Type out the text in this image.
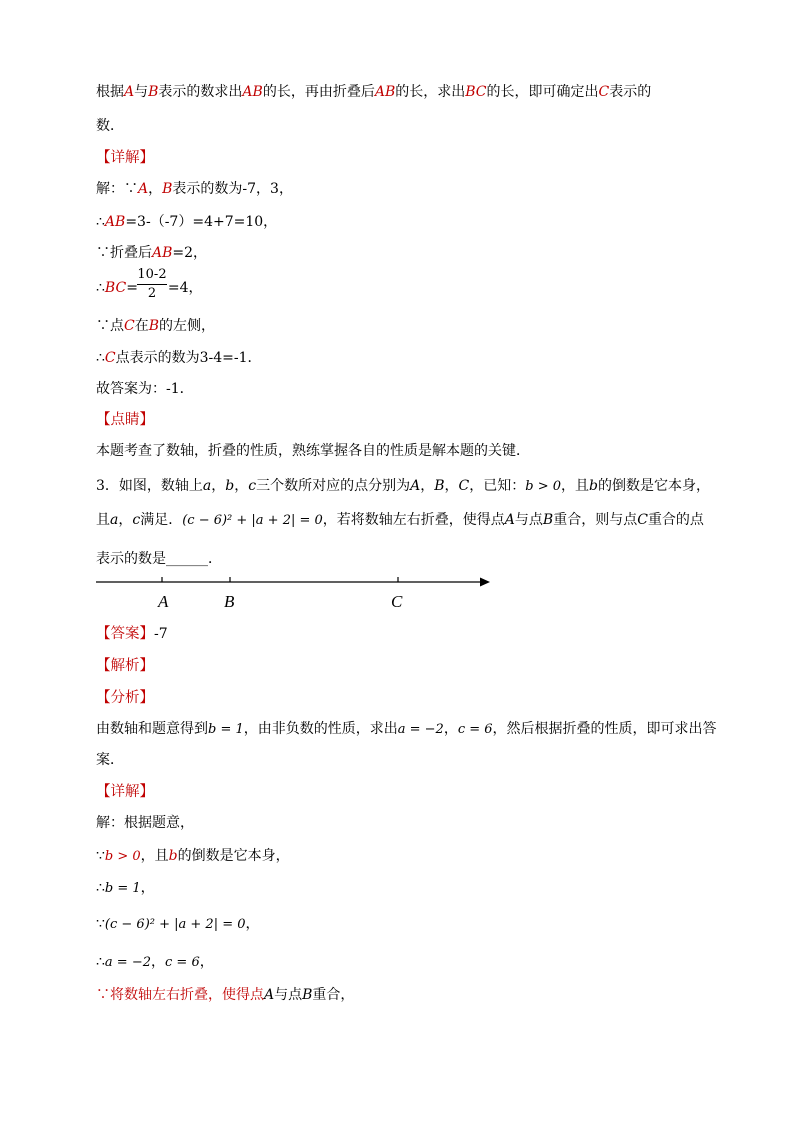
根据A与B表示的数求出AB的长，再由折叠后AB的长，求出BC的长，即可确定出C表示的
数．
【详解】
解：∵A，B表示的数为-7，3，
∴AB=3-（-7）=4+7=10，
∵折叠后AB=2，
∴BC= =4，
10-2
2
∵点C在B的左侧，
∴C点表示的数为3-4=-1．
故答案为：-1．
【点睛】
本题考查了数轴，折叠的性质，熟练掌握各自的性质是解本题的关键．
3．如图，数轴上a，b，c三个数所对应的点分别为A，B，C，已知：b > 0，且b的倒数是它本身，
且a，c满足．(c − 6)² + |a + 2| = 0，若将数轴左右折叠，使得点A与点B重合，则与点C重合的点
表示的数是______．
A	B	C
【答案】-7
【解析】
【分析】
由数轴和题意得到b = 1，由非负数的性质，求出a = −2，c = 6，然后根据折叠的性质，即可求出答
案．
【详解】
解：根据题意，
∵b > 0，且b的倒数是它本身，
∴b = 1，
∵(c − 6)² + |a + 2| = 0，
∴a = −2，c = 6，
∵将数轴左右折叠，使得点A与点B重合，
